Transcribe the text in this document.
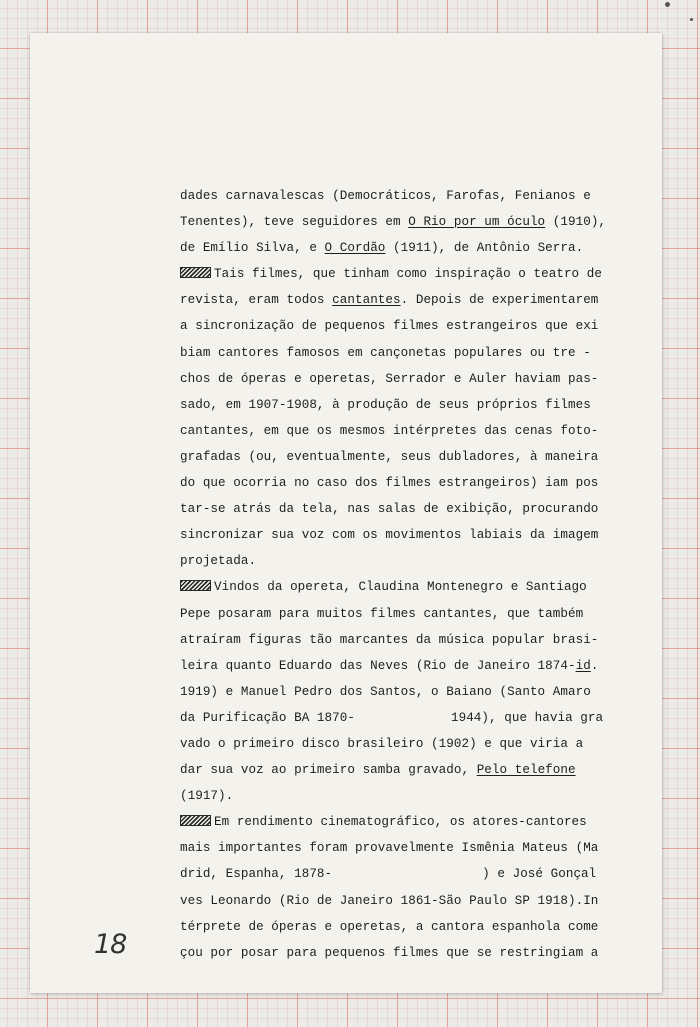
dades carnavalescas (Democráticos, Farofas, Fenianos e
Tenentes), teve seguidores em O Rio por um óculo (1910),
de Emílio Silva, e O Cordão (1911), de Antônio Serra.
Tais filmes, que tinham como inspiração o teatro de
revista, eram todos cantantes. Depois de experimentarem
a sincronização de pequenos filmes estrangeiros que exi
biam cantores famosos em cançonetas populares ou tre -
chos de óperas e operetas, Serrador e Auler haviam pas-
sado, em 1907-1908, à produção de seus próprios filmes
cantantes, em que os mesmos intérpretes das cenas foto-
grafadas (ou, eventualmente, seus dubladores, à maneira
do que ocorria no caso dos filmes estrangeiros) iam pos
tar-se atrás da tela, nas salas de exibição, procurando
sincronizar sua voz com os movimentos labiais da imagem
projetada.
Vindos da opereta, Claudina Montenegro e Santiago
Pepe posaram para muitos filmes cantantes, que também
atraíram figuras tão marcantes da música popular brasi-
leira quanto Eduardo das Neves (Rio de Janeiro 1874-id.
1919) e Manuel Pedro dos Santos, o Baiano (Santo Amaro
da Purificação BA 1870-	1944), que havia gra
vado o primeiro disco brasileiro (1902) e que viria a
dar sua voz ao primeiro samba gravado, Pelo telefone
(1917).
Em rendimento cinematográfico, os atores-cantores
mais importantes foram provavelmente Ismênia Mateus (Ma
drid, Espanha, 1878-	) e José Gonçal
ves Leonardo (Rio de Janeiro 1861-São Paulo SP 1918).In
térprete de óperas e operetas, a cantora espanhola come
çou por posar para pequenos filmes que se restringiam a
18
